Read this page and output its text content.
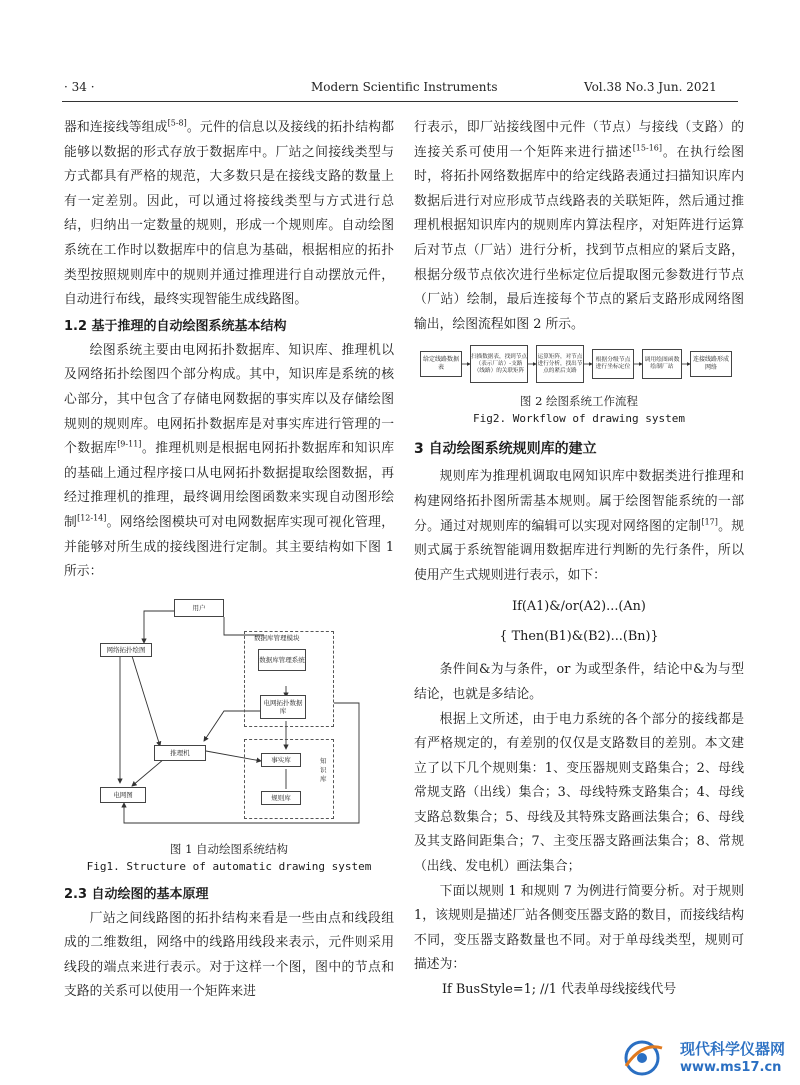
· 34 ·	Modern Scientific Instruments	Vol.38 No.3 Jun. 2021

器和连接线等组成[5-8]。元件的信息以及接线的拓扑结构都能够以数据的形式存放于数据库中。厂站之间接线类型与方式都具有严格的规范，大多数只是在接线支路的数量上有一定差别。因此，可以通过将接线类型与方式进行总结，归纳出一定数量的规则，形成一个规则库。自动绘图系统在工作时以数据库中的信息为基础，根据相应的拓扑类型按照规则库中的规则并通过推理进行自动摆放元件，自动进行布线，最终实现智能生成线路图。

1.2 基于推理的自动绘图系统基本结构

绘图系统主要由电网拓扑数据库、知识库、推理机以及网络拓扑绘图四个部分构成。其中，知识库是系统的核心部分，其中包含了存储电网数据的事实库以及存储绘图规则的规则库。电网拓扑数据库是对事实库进行管理的一个数据库[9-11]。推理机则是根据电网拓扑数据库和知识库的基础上通过程序接口从电网拓扑数据提取绘图数据，再经过推理机的推理，最终调用绘图函数来实现自动图形绘制[12-14]。网络绘图模块可对电网数据库实现可视化管理，并能够对所生成的接线图进行定制。其主要结构如下图 1 所示：

用户
网络拓扑绘图
数据库管理模块
数据库管理系统
电网拓扑数据库
推理机
知识库
事实库
规则库
电网图
图 1 自动绘图系统结构
Fig1. Structure of automatic drawing system
2.3 自动绘图的基本原理

厂站之间线路图的拓扑结构来看是一些由点和线段组成的二维数组，网络中的线路用线段来表示，元件则采用线段的端点来进行表示。对于这样一个图，图中的节点和支路的关系可以使用一个矩阵来进

行表示，即厂站接线图中元件（节点）与接线（支路）的连接关系可使用一个矩阵来进行描述[15-16]。在执行绘图时，将拓扑网络数据库中的给定线路表通过扫描知识库内数据后进行对应形成节点线路表的关联矩阵，然后通过推理机根据知识库内的规则库内算法程序，对矩阵进行运算后对节点（厂站）进行分析，找到节点相应的紧后支路，根据分级节点依次进行坐标定位后提取图元参数进行节点（厂站）绘制，最后连接每个节点的紧后支路形成网络图输出，绘图流程如图 2 所示。

给定线路数据表
扫描数据表，找到节点（表示厂站）-支路（线路）的关联矩阵
运算矩阵，对节点进行分析，找出节点的紧后支路
根据分级节点进行坐标定位
调用绘图函数绘制厂站
连接线路形成网络
图 2 绘图系统工作流程
Fig2. Workflow of drawing system
3 自动绘图系统规则库的建立

规则库为推理机调取电网知识库中数据类进行推理和构建网络拓扑图所需基本规则。属于绘图智能系统的一部分。通过对规则库的编辑可以实现对网络图的定制[17]。规则式属于系统智能调用数据库进行判断的先行条件，所以使用产生式规则进行表示，如下：

If(A1)&/or(A2)...(An)
{ Then(B1)&(B2)...(Bn)}

条件间&为与条件，or 为或型条件，结论中&为与型结论，也就是多结论。

根据上文所述，由于电力系统的各个部分的接线都是有严格规定的，有差别的仅仅是支路数目的差别。本文建立了以下几个规则集：1、变压器规则支路集合；2、母线常规支路（出线）集合；3、母线特殊支路集合；4、母线支路总数集合；5、母线及其特殊支路画法集合；6、母线及其支路间距集合；7、主变压器支路画法集合；8、常规（出线、发电机）画法集合；

下面以规则 1 和规则 7 为例进行简要分析。对于规则 1，该规则是描述厂站各侧变压器支路的数目，而接线结构不同，变压器支路数量也不同。对于单母线类型，规则可描述为：

If BusStyle=1; //1 代表单母线接线代号
现代科学仪器网
www.ms17.cn
